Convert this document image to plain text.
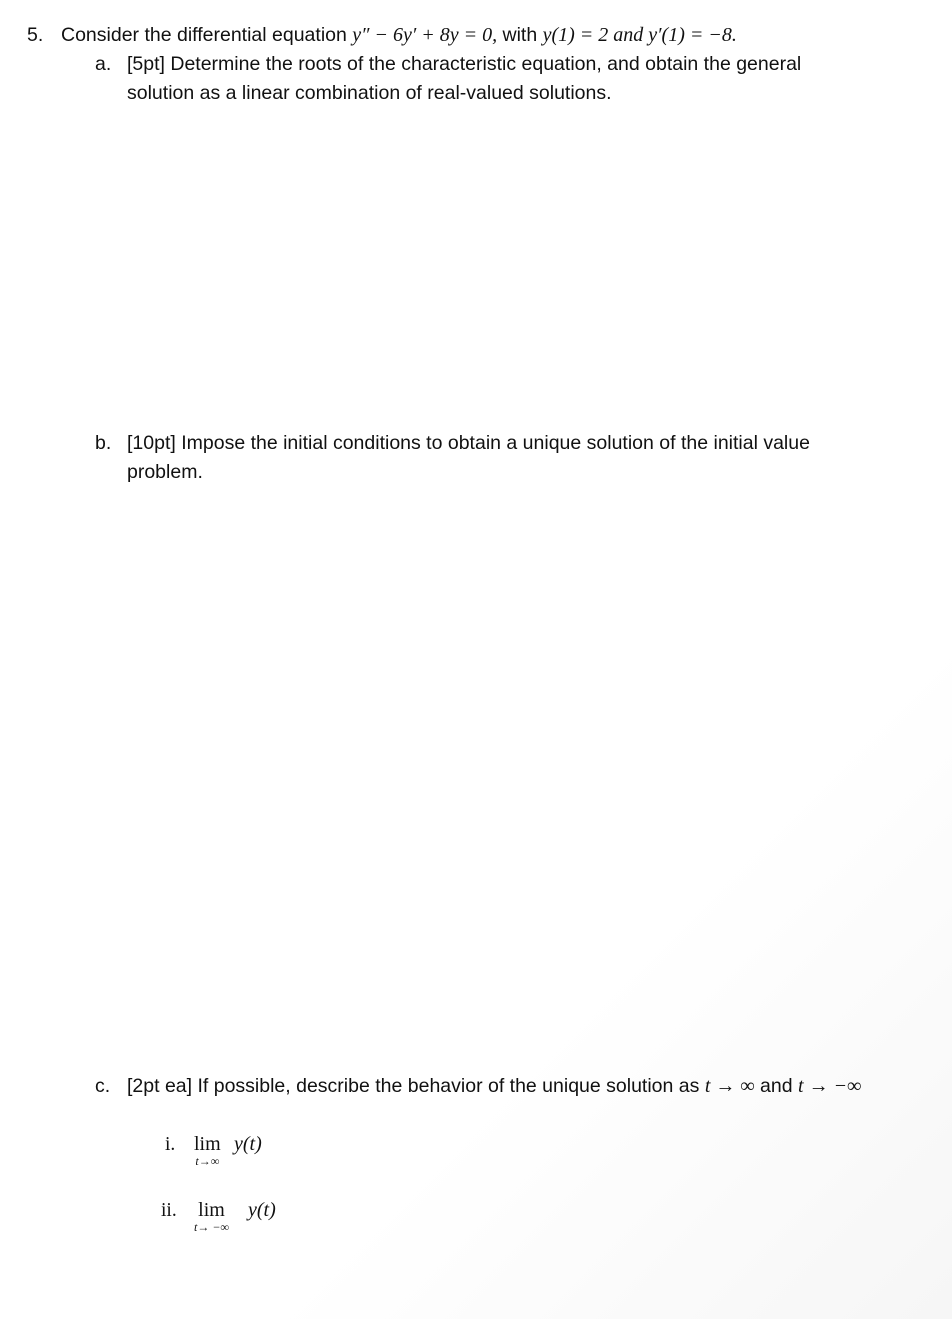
5. Consider the differential equation y″ − 6y′ + 8y = 0, with y(1) = 2 and y′(1) = −8.
a. [5pt] Determine the roots of the characteristic equation, and obtain the general
solution as a linear combination of real-valued solutions.
b. [10pt] Impose the initial conditions to obtain a unique solution of the initial value
problem.
c. [2pt ea] If possible, describe the behavior of the unique solution as t → ∞ and t → −∞
i. lim
t→∞
y(t)
ii. lim
t→ −∞
y(t)
